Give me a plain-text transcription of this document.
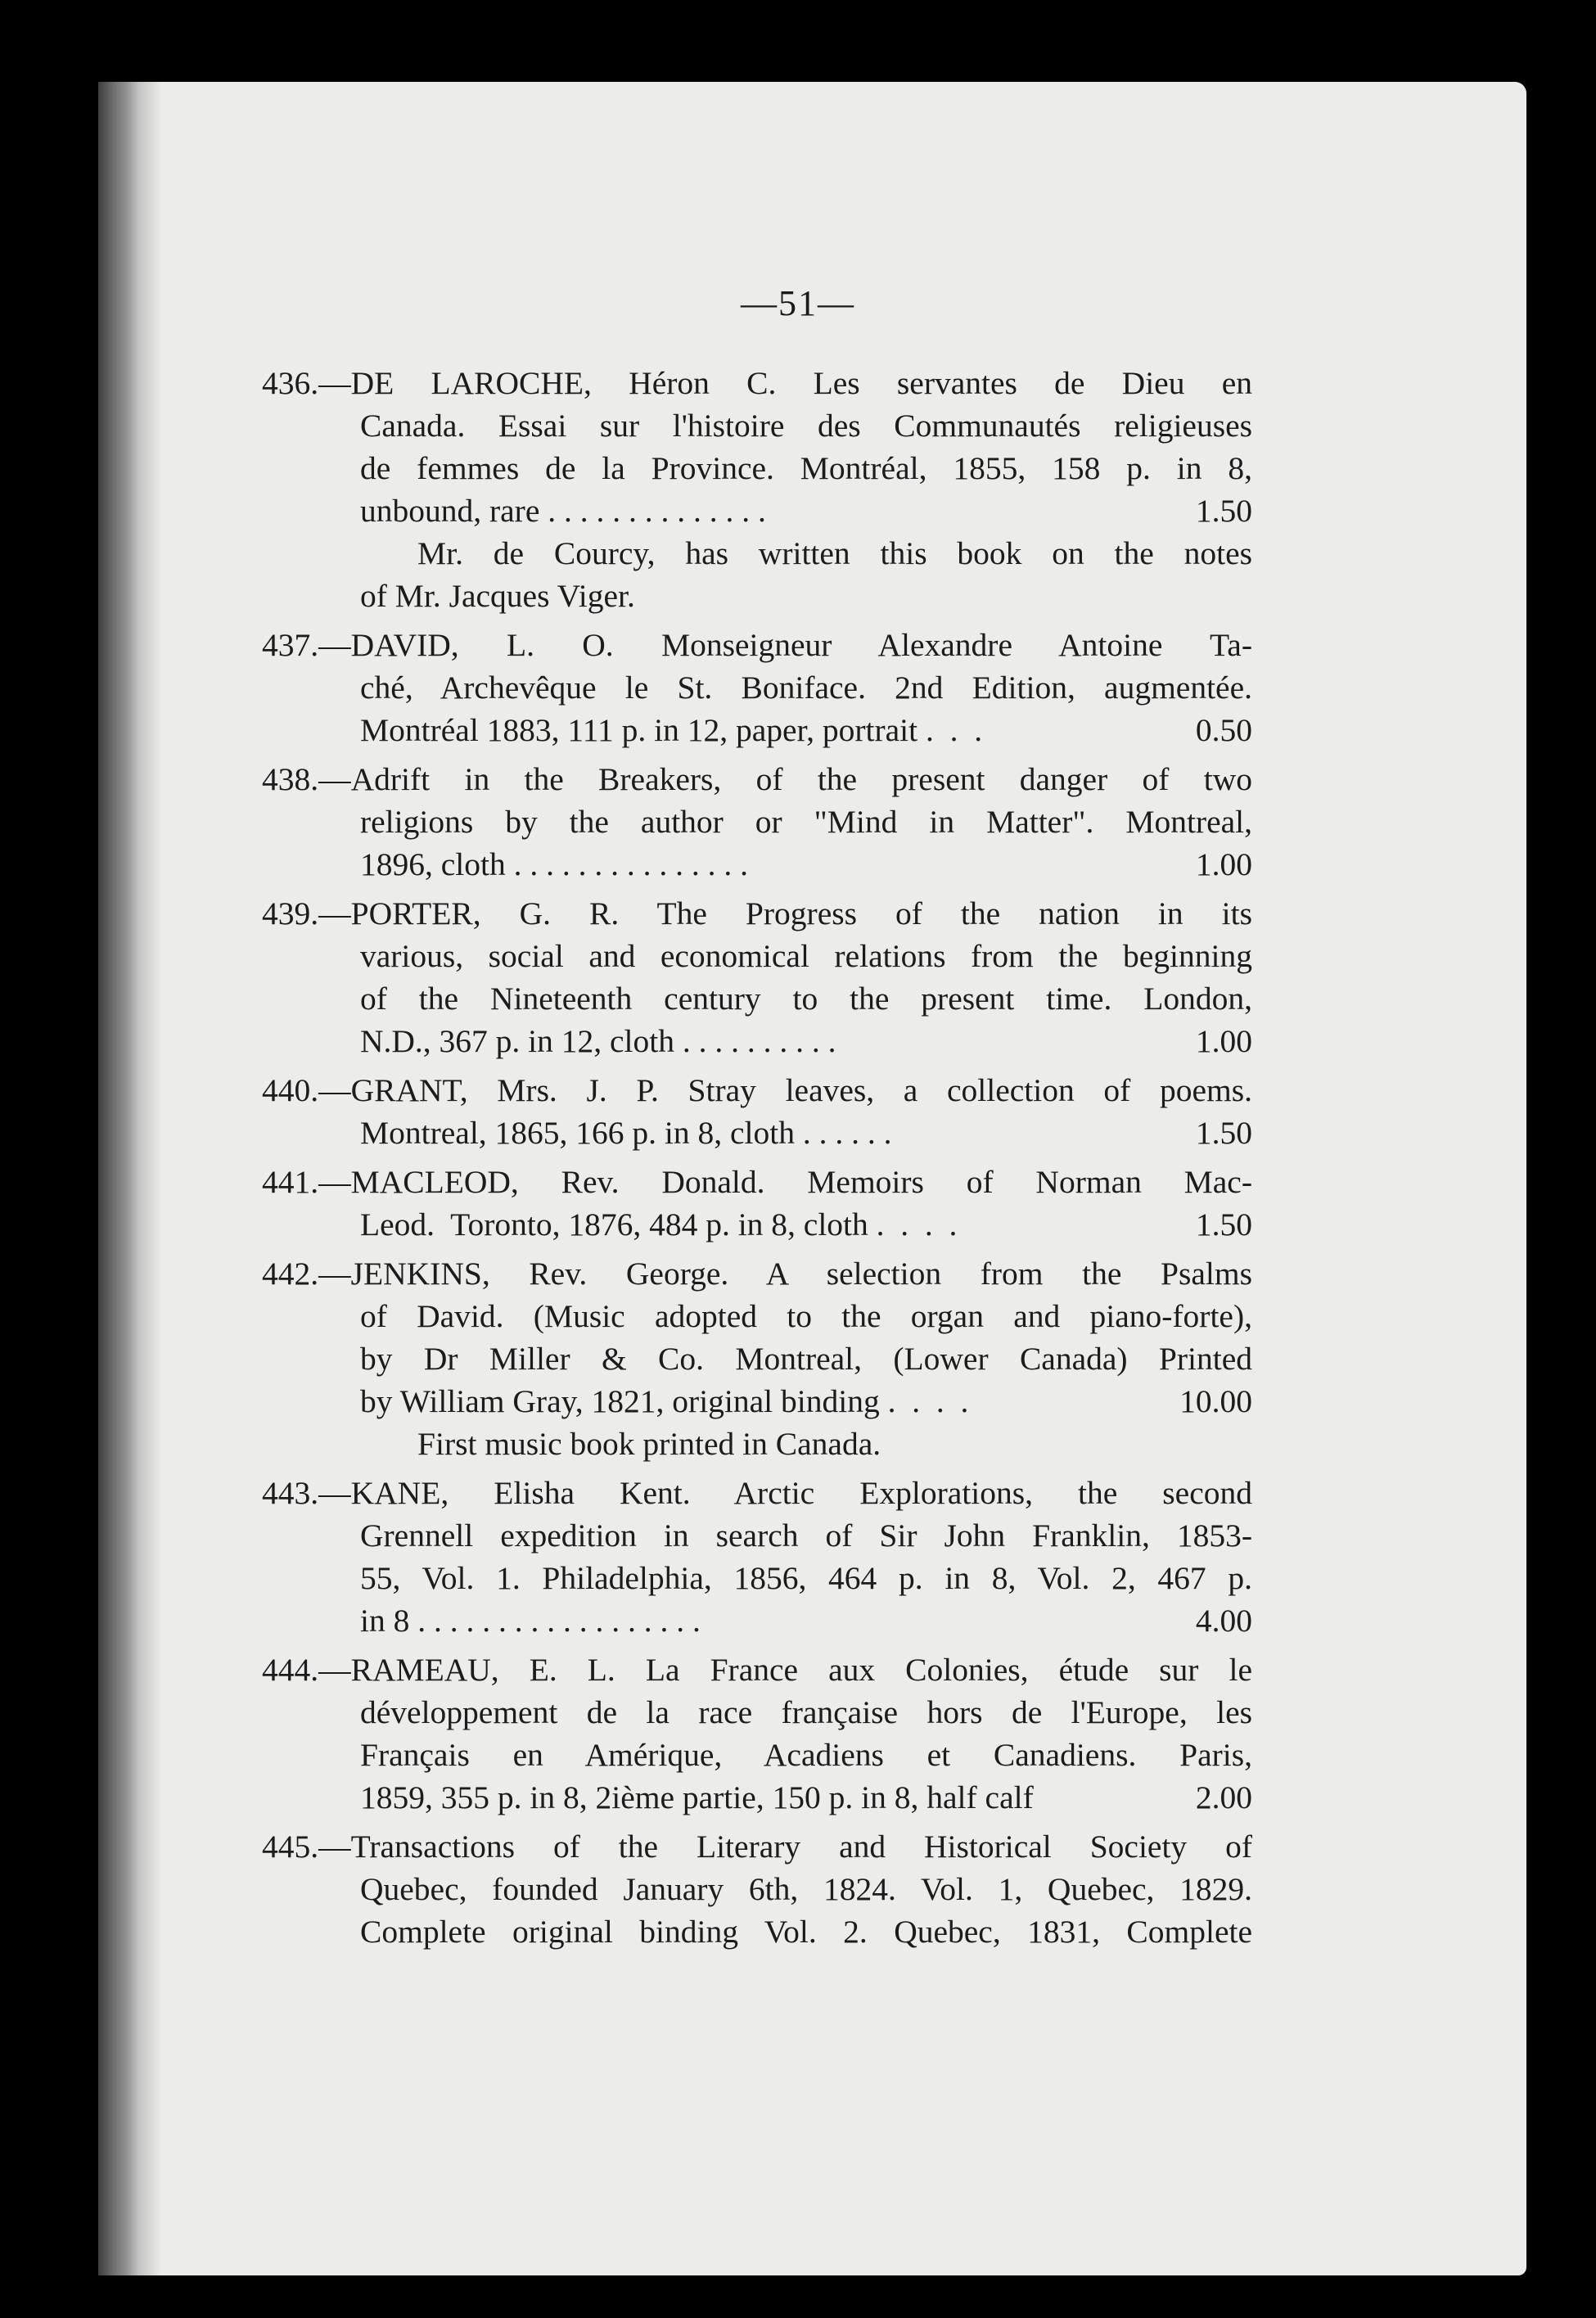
—51—
436.—DE LAROCHE, Héron C. Les servantes de Dieu en
Canada. Essai sur l'histoire des Communautés religieuses
de femmes de la Province. Montréal, 1855, 158 p. in 8,
unbound, rare . . . . . . . . . . . . . .	1.50
Mr. de Courcy, has written this book on the notes
of Mr. Jacques Viger.
437.—DAVID, L. O. Monseigneur Alexandre Antoine Ta-
ché, Archevêque le St. Boniface. 2nd Edition, augmentée.
Montréal 1883, 111 p. in 12, paper, portrait .  .  .	0.50
438.—Adrift in the Breakers, of the present danger of two
religions by the author or "Mind in Matter". Montreal,
1896, cloth . . . . . . . . . . . . . . .	1.00
439.—PORTER, G. R. The Progress of the nation in its
various, social and economical relations from the beginning
of the Nineteenth century to the present time. London,
N.D., 367 p. in 12, cloth . . . . . . . . . .	1.00
440.—GRANT, Mrs. J. P. Stray leaves, a collection of poems.
Montreal, 1865, 166 p. in 8, cloth . . . . . .	1.50
441.—MACLEOD, Rev. Donald. Memoirs of Norman Mac-
Leod.  Toronto, 1876, 484 p. in 8, cloth .  .  .  .	1.50
442.—JENKINS, Rev. George. A selection from the Psalms
of David. (Music adopted to the organ and piano-forte),
by Dr Miller & Co. Montreal, (Lower Canada) Printed
by William Gray, 1821, original binding .  .  .  .	10.00
First music book printed in Canada.
443.—KANE, Elisha Kent. Arctic Explorations, the second
Grennell expedition in search of Sir John Franklin, 1853-
55, Vol. 1. Philadelphia, 1856, 464 p. in 8, Vol. 2, 467 p.
in 8 . . . . . . . . . . . . . . . . . .	4.00
444.—RAMEAU, E. L. La France aux Colonies, étude sur le
développement de la race française hors de l'Europe, les
Français en Amérique, Acadiens et Canadiens. Paris,
1859, 355 p. in 8, 2ième partie, 150 p. in 8, half calf	2.00
445.—Transactions of the Literary and Historical Society of
Quebec, founded January 6th, 1824. Vol. 1, Quebec, 1829.
Complete original binding Vol. 2. Quebec, 1831, Complete
